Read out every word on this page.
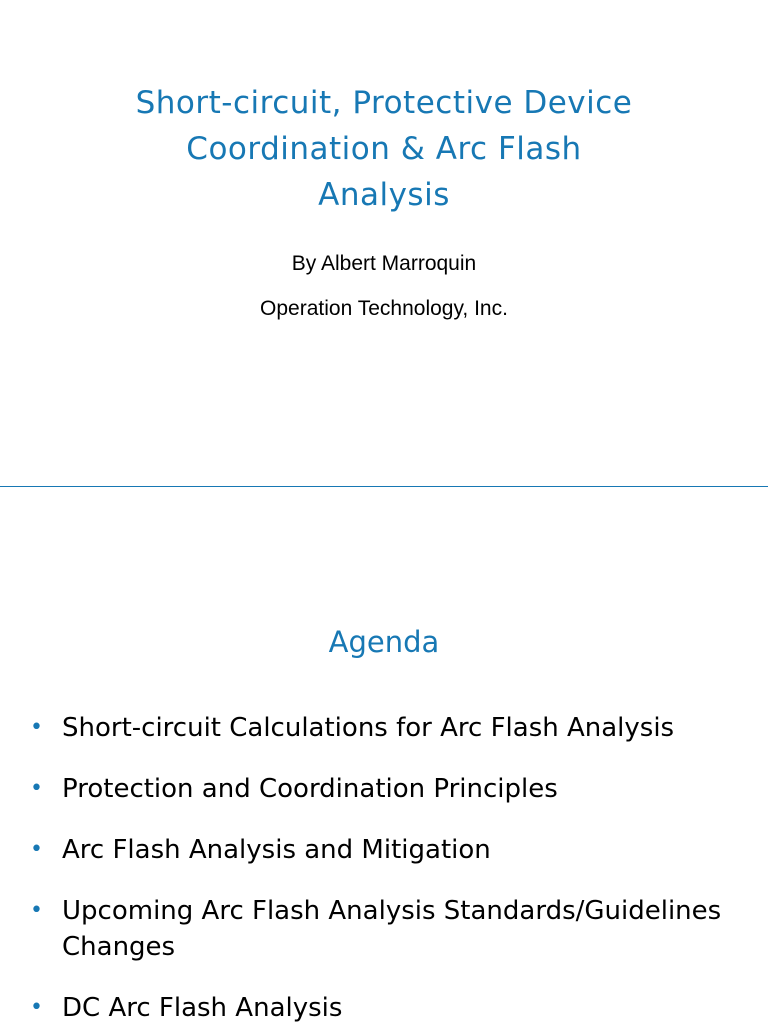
Short-circuit, Protective Device
Coordination & Arc Flash
Analysis
By Albert Marroquin
Operation Technology, Inc.
Agenda
• Short-circuit Calculations for Arc Flash Analysis
• Protection and Coordination Principles
• Arc Flash Analysis and Mitigation
• Upcoming Arc Flash Analysis Standards/Guidelines
Changes
• DC Arc Flash Analysis
